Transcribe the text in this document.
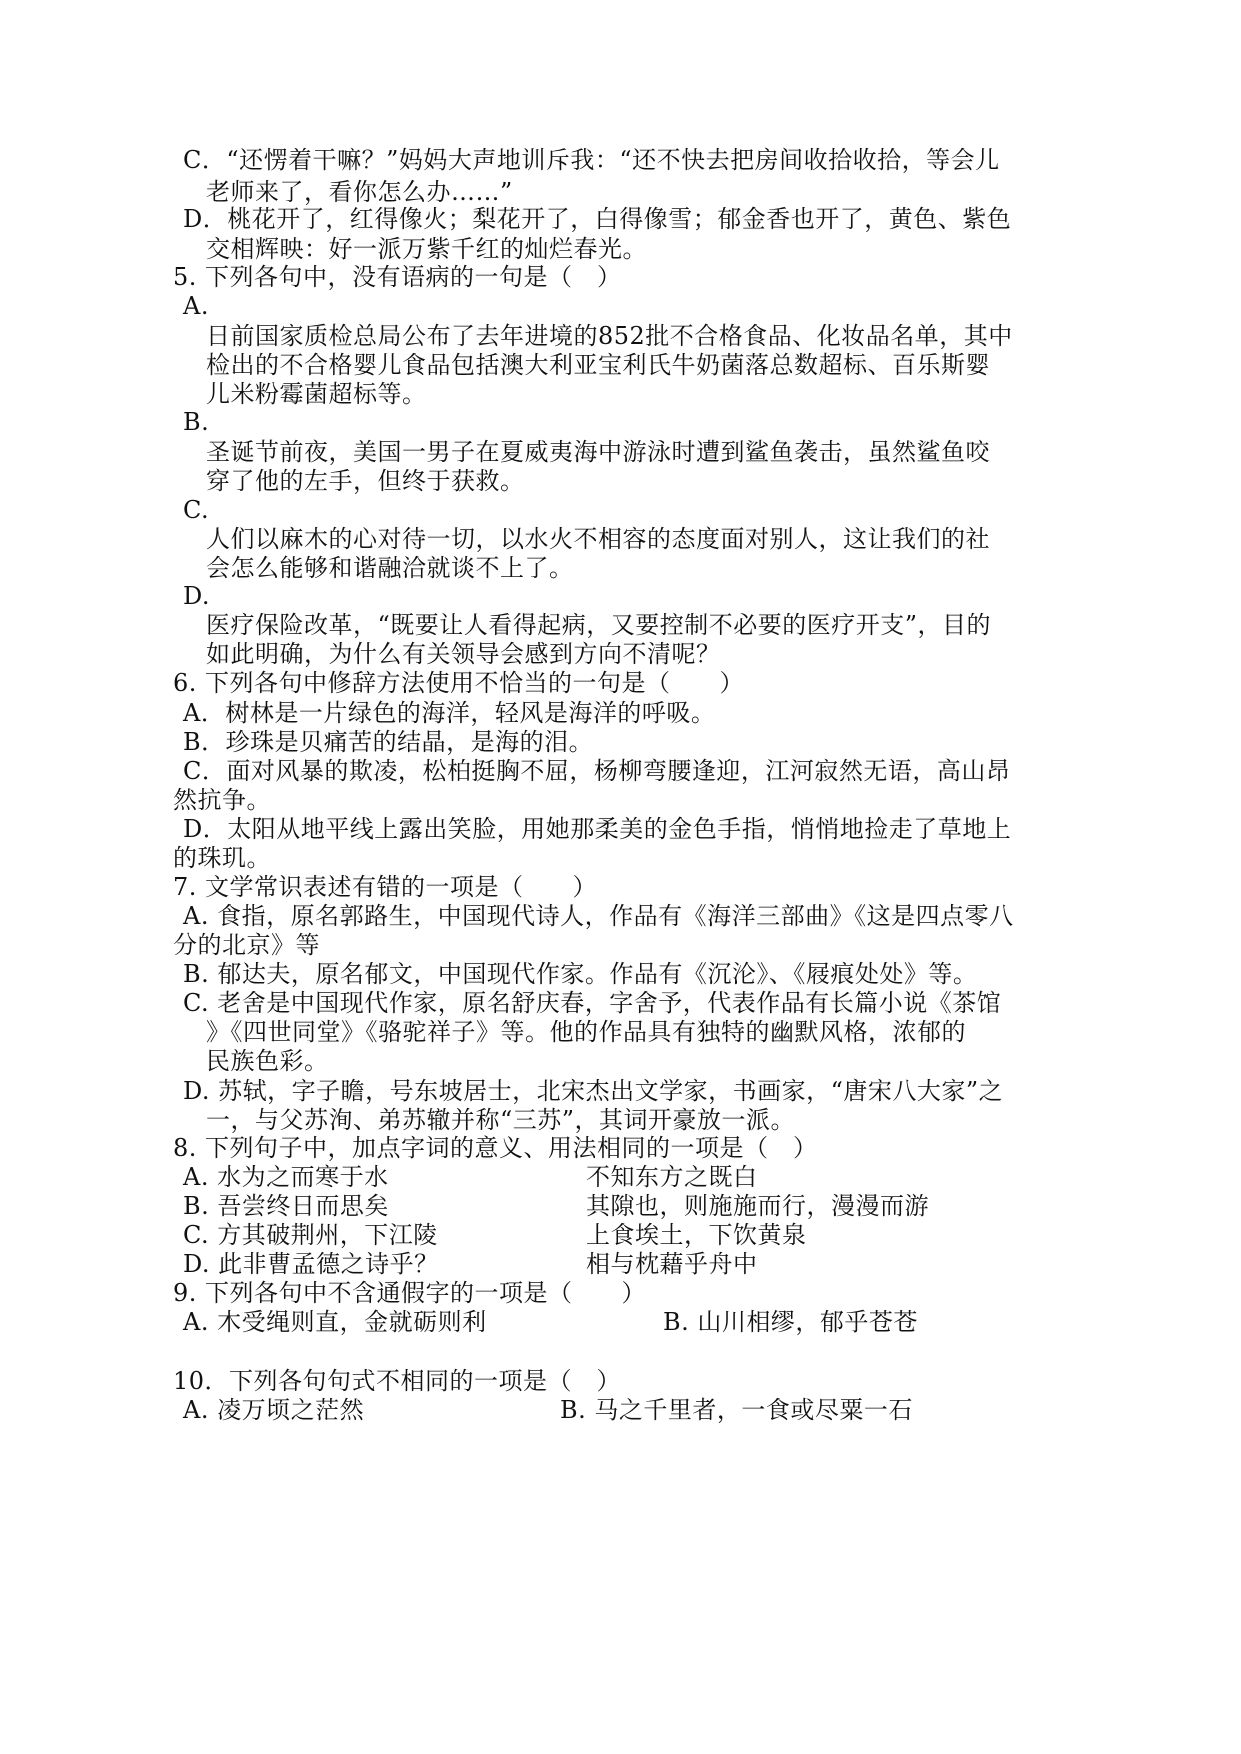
C．“还愣着干嘛？”妈妈大声地训斥我：“还不快去把房间收拾收拾，等会儿
老师来了，看你怎么办……”
D．桃花开了，红得像火；梨花开了，白得像雪；郁金香也开了，黄色、紫色
交相辉映：好一派万紫千红的灿烂春光。
5. 下列各句中，没有语病的一句是（　）
A.
日前国家质检总局公布了去年进境的852批不合格食品、化妆品名单，其中
检出的不合格婴儿食品包括澳大利亚宝利氏牛奶菌落总数超标、百乐斯婴
儿米粉霉菌超标等。
B.
圣诞节前夜，美国一男子在夏威夷海中游泳时遭到鲨鱼袭击，虽然鲨鱼咬
穿了他的左手，但终于获救。
C.
人们以麻木的心对待一切，以水火不相容的态度面对别人，这让我们的社
会怎么能够和谐融洽就谈不上了。
D.
医疗保险改革，“既要让人看得起病，又要控制不必要的医疗开支”，目的
如此明确，为什么有关领导会感到方向不清呢？
6. 下列各句中修辞方法使用不恰当的一句是（　　）
A．树林是一片绿色的海洋，轻风是海洋的呼吸。
B．珍珠是贝痛苦的结晶，是海的泪。
C．面对风暴的欺凌，松柏挺胸不屈，杨柳弯腰逢迎，江河寂然无语，高山昂
然抗争。
D．太阳从地平线上露出笑脸，用她那柔美的金色手指，悄悄地捡走了草地上
的珠玑。
7. 文学常识表述有错的一项是（　　）
A. 食指，原名郭路生，中国现代诗人，作品有《海洋三部曲》《这是四点零八
分的北京》等
B. 郁达夫，原名郁文，中国现代作家。作品有《沉沦》、《屐痕处处》等。
C. 老舍是中国现代作家，原名舒庆春，字舍予，代表作品有长篇小说《茶馆
》《四世同堂》《骆驼祥子》等。他的作品具有独特的幽默风格，浓郁的
民族色彩。
D. 苏轼，字子瞻，号东坡居士，北宋杰出文学家，书画家，“唐宋八大家”之
一，与父苏洵、弟苏辙并称“三苏”，其词开豪放一派。
8. 下列句子中，加点字词的意义、用法相同的一项是（　）
A. 水为之而寒于水	不知东方之既白
B. 吾尝终日而思矣	其隙也，则施施而行，漫漫而游
C. 方其破荆州，下江陵	上食埃土，下饮黄泉
D. 此非曹孟德之诗乎？	相与枕藉乎舟中
9. 下列各句中不含通假字的一项是（　　）
A. 木受绳则直，金就砺则利	B. 山川相缪，郁乎苍苍
10．下列各句句式不相同的一项是（　）
A. 凌万顷之茫然	B. 马之千里者，一食或尽粟一石
